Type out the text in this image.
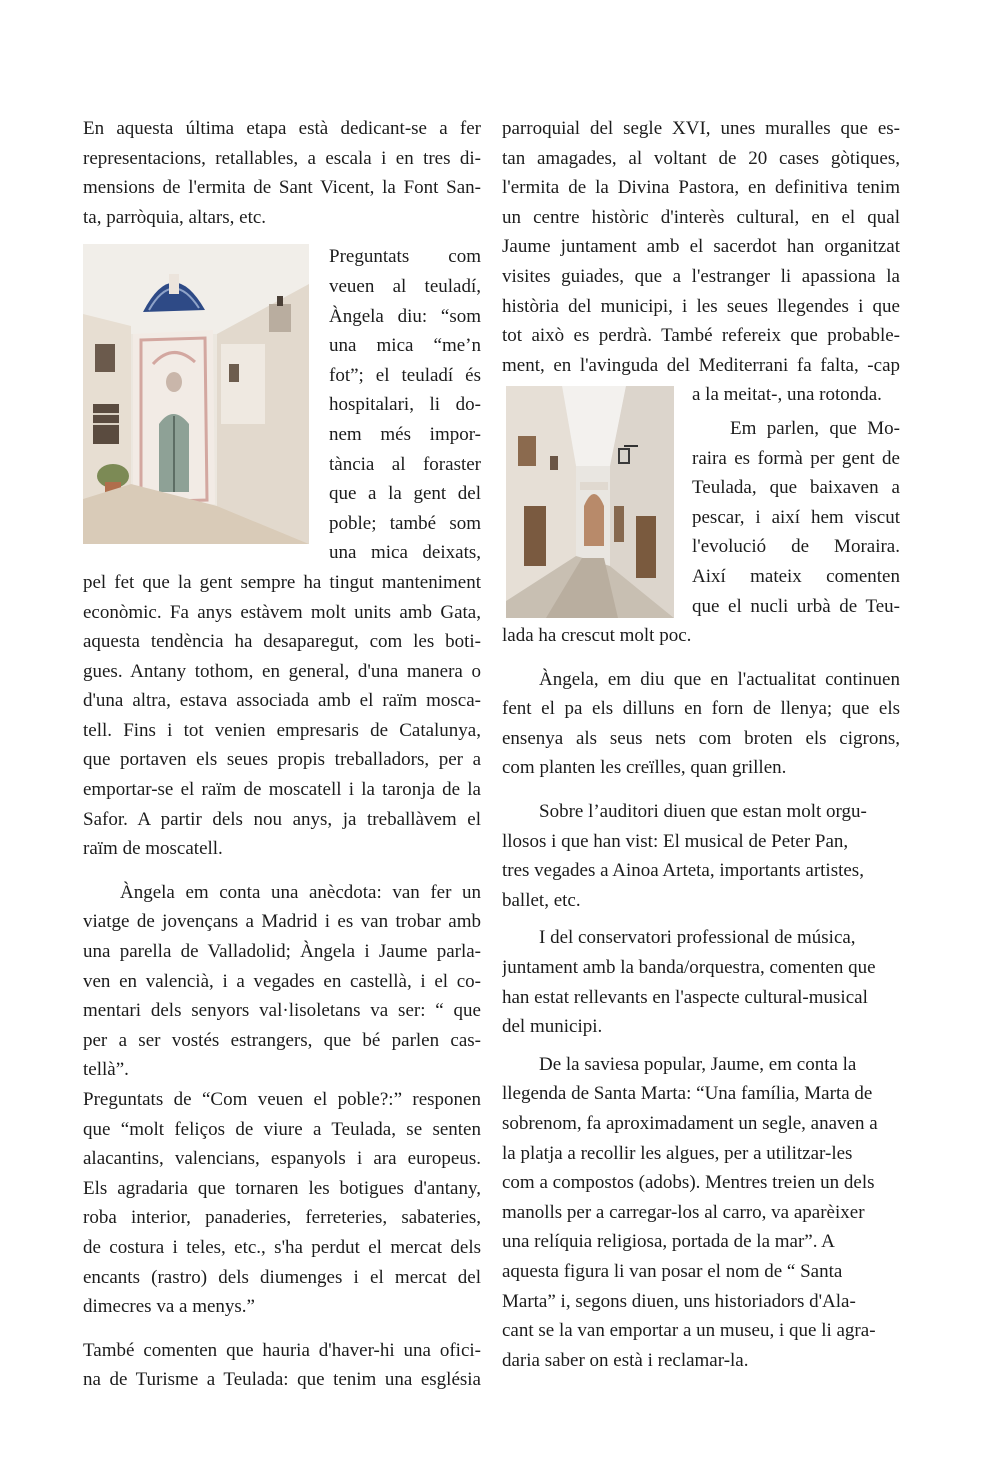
En aquesta última etapa està dedicant-se a fer
representacions, retallables, a escala i en tres di-
mensions de l'ermita de Sant Vicent, la Font San-
ta, parròquia, altars, etc.
Preguntats com
veuen al teuladí,
Àngela diu: “som
una mica “me’n
fot”; el teuladí és
hospitalari, li do-
nem més impor-
tància al foraster
que a la gent del
poble; també som
una mica deixats,
pel fet que la gent sempre ha tingut manteniment
econòmic. Fa anys estàvem molt units amb Gata,
aquesta tendència ha desaparegut, com les boti-
gues. Antany tothom, en general, d'una manera o
d'una altra, estava associada amb el raïm mosca-
tell. Fins i tot venien empresaris de Catalunya,
que portaven els seues propis treballadors, per a
emportar-se el raïm de moscatell i la taronja de la
Safor. A partir dels nou anys, ja treballàvem el
raïm de moscatell.
Àngela em conta una anècdota: van fer un
viatge de jovençans a Madrid i es van trobar amb
una parella de Valladolid; Àngela i Jaume parla-
ven en valencià, i a vegades en castellà, i el co-
mentari dels senyors val·lisoletans va ser: “ que
per a ser vostés estrangers, que bé parlen cas-
tellà”.
Preguntats de “Com veuen el poble?:” responen
que “molt feliços de viure a Teulada, se senten
alacantins, valencians, espanyols i ara europeus.
Els agradaria que tornaren les botigues d'antany,
roba interior, panaderies, ferreteries, sabateries,
de costura i teles, etc., s'ha perdut el mercat dels
encants (rastro) dels diumenges i el mercat del
dimecres va a menys.”
També comenten que hauria d'haver-hi una ofici-
na de Turisme a Teulada: que tenim una església
parroquial del segle XVI, unes muralles que es-
tan amagades, al voltant de 20 cases gòtiques,
l'ermita de la Divina Pastora, en definitiva tenim
un centre històric d'interès cultural, en el qual
Jaume juntament amb el sacerdot han organitzat
visites guiades, que a l'estranger li apassiona la
història del municipi, i les seues llegendes i que
tot això es perdrà. També refereix que probable-
ment, en l'avinguda del Mediterrani fa falta, -cap
a la meitat-, una rotonda.
Em parlen, que Mo-
raira es formà per gent de
Teulada, que baixaven a
pescar, i així hem viscut
l'evolució de Moraira.
Així mateix comenten
que el nucli urbà de Teu-
lada ha crescut molt poc.
Àngela, em diu que en l'actualitat continuen
fent el pa els dilluns en forn de llenya; que els
ensenya als seus nets com broten els cigrons,
com planten les creïlles, quan grillen.
Sobre l’auditori diuen que estan molt orgu-
llosos i que han vist: El musical de Peter Pan,
tres vegades a Ainoa Arteta, importants artistes,
ballet, etc.
I del conservatori professional de música,
juntament amb la banda/orquestra, comenten que
han estat rellevants en l'aspecte cultural-musical
del municipi.
De la saviesa popular, Jaume, em conta la
llegenda de Santa Marta: “Una família, Marta de
sobrenom, fa aproximadament un segle, anaven a
la platja a recollir les algues, per a utilitzar-les
com a compostos (adobs). Mentres treien un dels
manolls per a carregar-los al carro, va aparèixer
una relíquia religiosa, portada de la mar”. A
aquesta figura li van posar el nom de “ Santa
Marta” i, segons diuen, uns historiadors d'Ala-
cant se la van emportar a un museu, i que li agra-
daria saber on està i reclamar-la.
